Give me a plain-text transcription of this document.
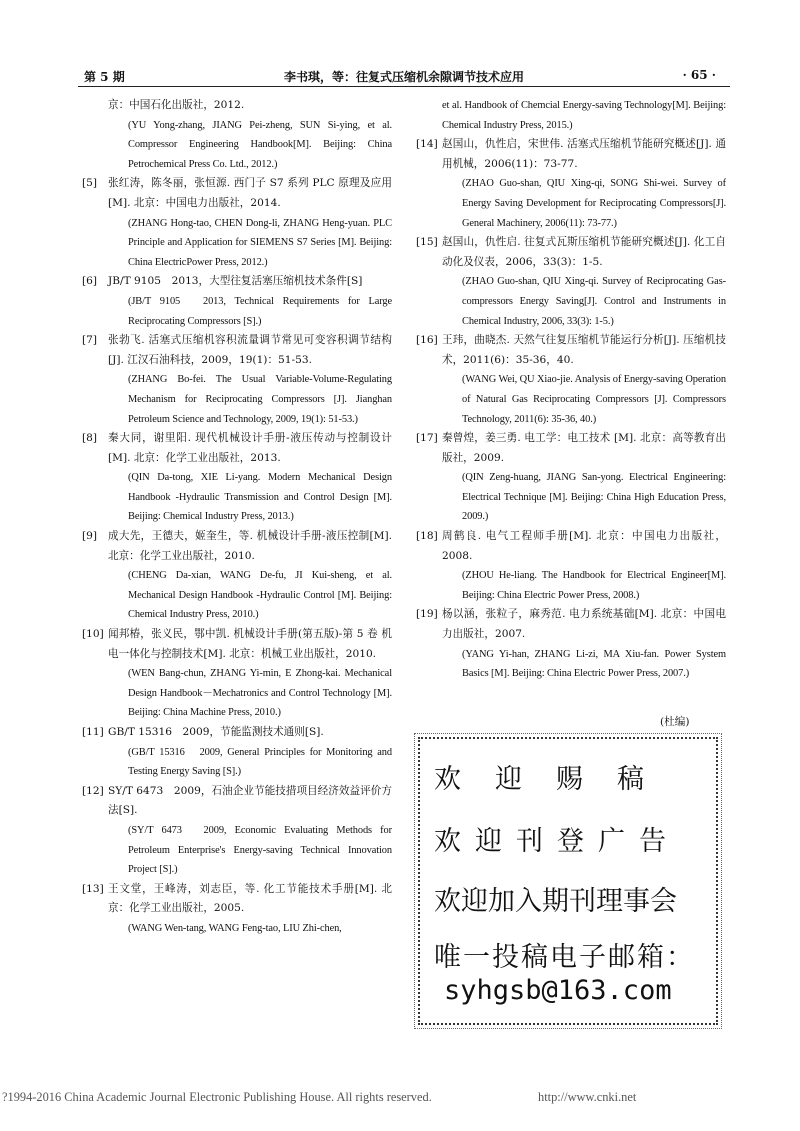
第 5 期	李书琪，等：往复式压缩机余隙调节技术应用	· 65 ·
京：中国石化出版社，2012.
(YU Yong-zhang, JIANG Pei-zheng, SUN Si-ying, et al. Compressor Engineering Handbook[M]. Beijing: China Petrochemical Press Co. Ltd., 2012.)
[5] 张红涛，陈冬丽，张恒源. 西门子 S7 系列 PLC 原理及应用[M]. 北京：中国电力出版社，2014.
(ZHANG Hong-tao, CHEN Dong-li, ZHANG Heng-yuan. PLC Principle and Application for SIEMENS S7 Series [M]. Beijing: China ElectricPower Press, 2012.)
[6] JB/T 9105　2013，大型往复活塞压缩机技术条件[S]
(JB/T 9105　2013, Technical Requirements for Large Reciprocating Compressors [S].)
[7] 张勃飞. 活塞式压缩机容积流量调节常见可变容积调节结构[J]. 江汉石油科技，2009，19(1)：51-53.
(ZHANG Bo-fei. The Usual Variable-Volume-Regulating Mechanism for Reciprocating Compressors [J]. Jianghan Petroleum Science and Technology, 2009, 19(1): 51-53.)
[8] 秦大同，谢里阳. 现代机械设计手册-液压传动与控制设计[M]. 北京：化学工业出版社，2013.
(QIN Da-tong, XIE Li-yang. Modern Mechanical Design Handbook -Hydraulic Transmission and Control Design [M]. Beijing: Chemical Industry Press, 2013.)
[9] 成大先，王德夫，姬奎生，等. 机械设计手册-液压控制[M]. 北京：化学工业出版社，2010.
(CHENG Da-xian, WANG De-fu, JI Kui-sheng, et al. Mechanical Design Handbook -Hydraulic Control [M]. Beijing: Chemical Industry Press, 2010.)
[10] 闻邦椿，张义民，鄂中凯. 机械设计手册(第五版)-第 5 卷 机电一体化与控制技术[M]. 北京：机械工业出版社，2010.
(WEN Bang-chun, ZHANG Yi-min, E Zhong-kai. Mechanical Design Handbook－Mechatronics and Control Technology [M]. Beijing: China Machine Press, 2010.)
[11] GB/T 15316　2009，节能监测技术通则[S].
(GB/T 15316　2009, General Principles for Monitoring and Testing Energy Saving [S].)
[12] SY/T 6473　2009，石油企业节能技措项目经济效益评价方法[S].
(SY/T 6473　2009, Economic Evaluating Methods for Petroleum Enterprise's Energy-saving Technical Innovation Project [S].)
[13] 王文堂，王峰涛，刘志臣，等. 化工节能技术手册[M]. 北京：化学工业出版社，2005.
(WANG Wen-tang, WANG Feng-tao, LIU Zhi-chen,
et al. Handbook of Chemcial Energy-saving Technology[M]. Beijing: Chemical Industry Press, 2015.)
[14] 赵国山，仇性启，宋世伟. 活塞式压缩机节能研究概述[J]. 通用机械，2006(11)：73-77.
(ZHAO Guo-shan, QIU Xing-qi, SONG Shi-wei. Survey of Energy Saving Development for Reciprocating Compressors[J]. General Machinery, 2006(11): 73-77.)
[15] 赵国山，仇性启. 往复式瓦斯压缩机节能研究概述[J]. 化工自动化及仪表，2006，33(3)：1-5.
(ZHAO Guo-shan, QIU Xing-qi. Survey of Reciprocating Gas-compressors Energy Saving[J]. Control and Instruments in Chemical Industry, 2006, 33(3): 1-5.)
[16] 王玮，曲晓杰. 天然气往复压缩机节能运行分析[J]. 压缩机技术，2011(6)：35-36，40.
(WANG Wei, QU Xiao-jie. Analysis of Energy-saving Operation of Natural Gas Reciprocating Compressors [J]. Compressors Technology, 2011(6): 35-36, 40.)
[17] 秦曾煌，姜三勇. 电工学：电工技术 [M]. 北京：高等教育出版社，2009.
(QIN Zeng-huang, JIANG San-yong. Electrical Engineering: Electrical Technique [M]. Beijing: China High Education Press, 2009.)
[18] 周鹤良. 电气工程师手册[M]. 北京：中国电力出版社，2008.
(ZHOU He-liang. The Handbook for Electrical Engineer[M]. Beijing: China Electric Power Press, 2008.)
[19] 杨以涵，张粒子，麻秀范. 电力系统基础[M]. 北京：中国电力出版社，2007.
(YANG Yi-han, ZHANG Li-zi, MA Xiu-fan. Power System Basics [M]. Beijing: China Electric Power Press, 2007.)
(杜编)
欢迎赐稿
欢迎刊登广告
欢迎加入期刊理事会
唯一投稿电子邮箱：
syhgsb@163.com
?1994-2016 China Academic Journal Electronic Publishing House. All rights reserved.	http://www.cnki.net
